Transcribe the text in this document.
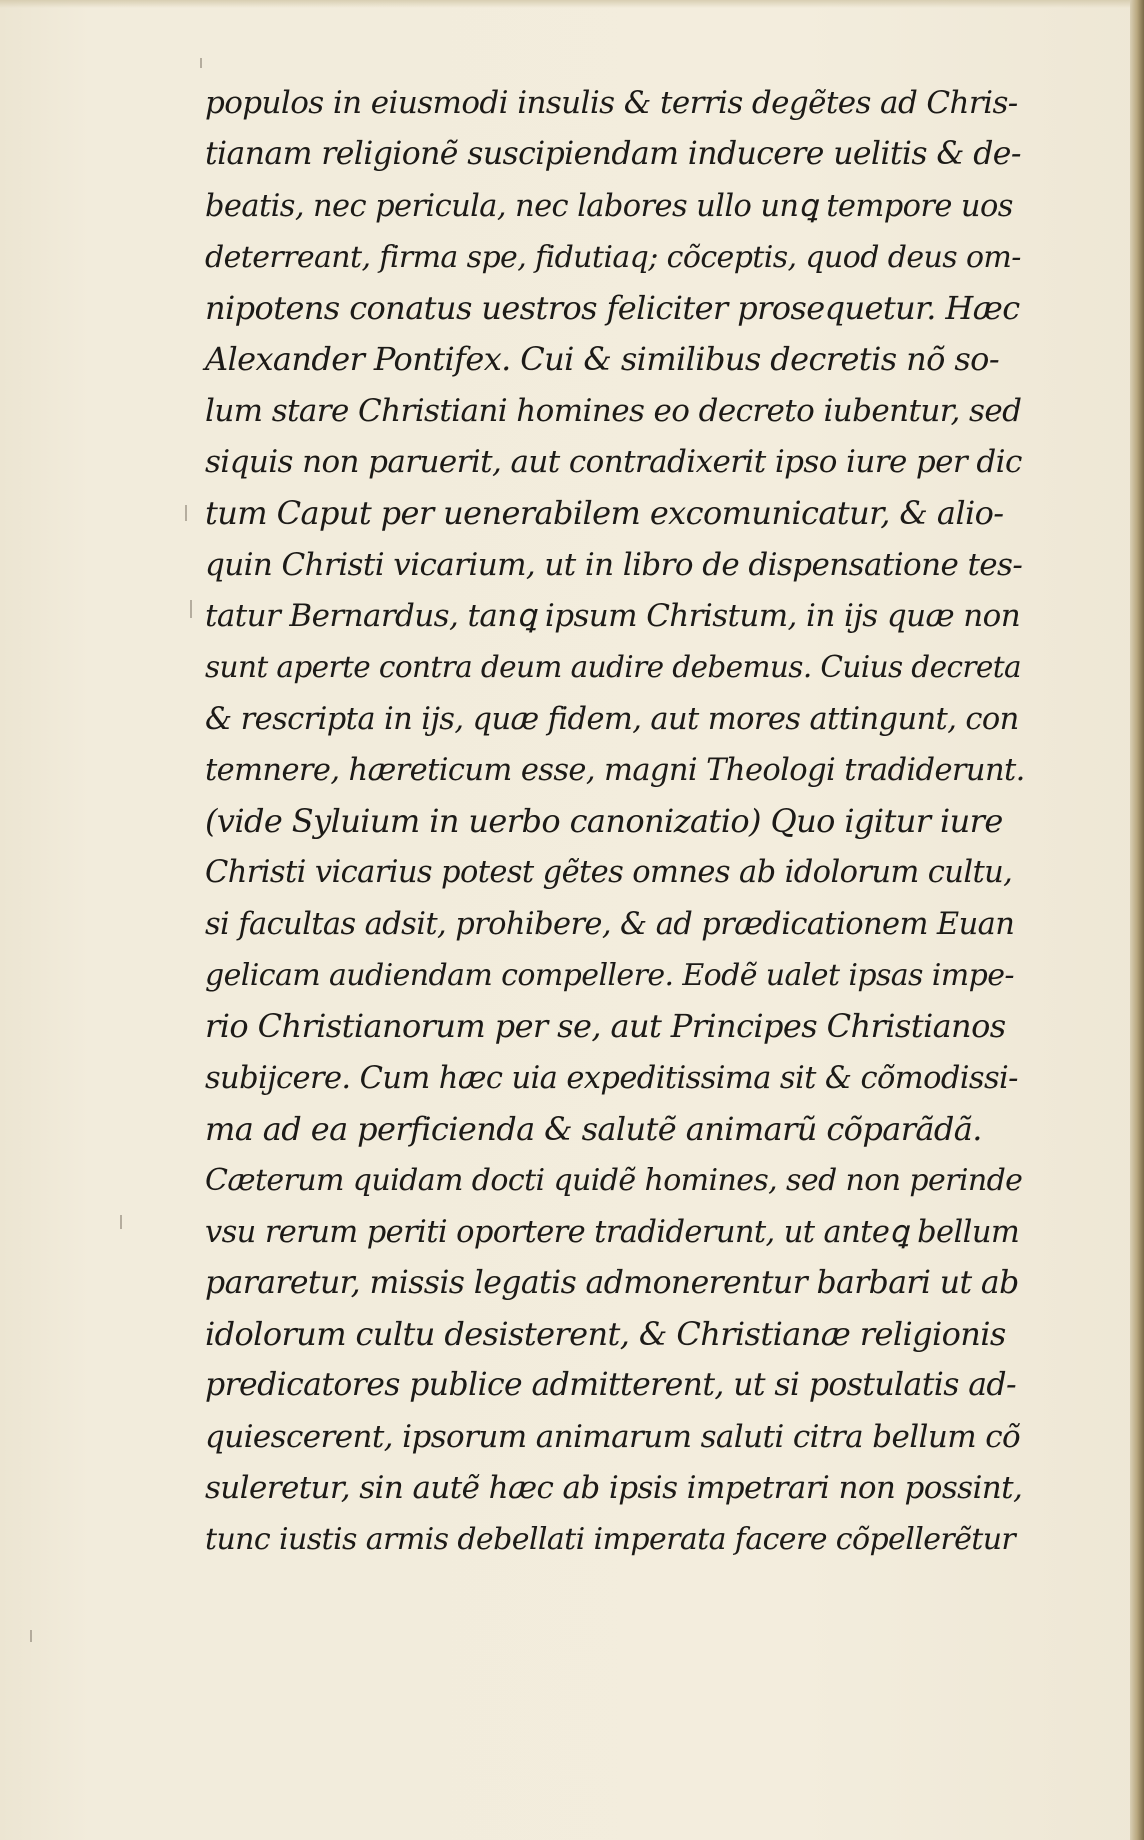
populos in eiusmodi insulis & terris degẽtes ad Chris-
tianam religionẽ suscipiendam inducere uelitis & de-
beatis, nec pericula, nec labores ullo unꝗ tempore uos
deterreant, firma spe, fidutiaq; cõceptis, quod deus om-
nipotens conatus uestros feliciter prosequetur. Hæc
Alexander Pontifex. Cui & similibus decretis nõ so-
lum stare Christiani homines eo decreto iubentur, sed
siquis non paruerit, aut contradixerit ipso iure per dic
tum Caput per uenerabilem excomunicatur, & alio-
quin Christi vicarium, ut in libro de dispensatione tes-
tatur Bernardus, tanꝗ ipsum Christum, in ijs quæ non
sunt aperte contra deum audire debemus. Cuius decreta
& rescripta in ijs, quæ fidem, aut mores attingunt, con
temnere, hæreticum esse, magni Theologi tradiderunt.
(vide Syluium in uerbo canonizatio) Quo igitur iure
Christi vicarius potest gẽtes omnes ab idolorum cultu,
si facultas adsit, prohibere, & ad prædicationem Euan
gelicam audiendam compellere. Eodẽ ualet ipsas impe-
rio Christianorum per se, aut Principes Christianos
subijcere. Cum hæc uia expeditissima sit & cõmodissi-
ma ad ea perficienda & salutẽ animarũ cõparãdã.
Cæterum quidam docti quidẽ homines, sed non perinde
vsu rerum periti oportere tradiderunt, ut anteꝗ bellum
pararetur, missis legatis admonerentur barbari ut ab
idolorum cultu desisterent, & Christianæ religionis
predicatores publice admitterent, ut si postulatis ad-
quiescerent, ipsorum animarum saluti citra bellum cõ
suleretur, sin autẽ hæc ab ipsis impetrari non possint,
tunc iustis armis debellati imperata facere cõpellerẽtur
